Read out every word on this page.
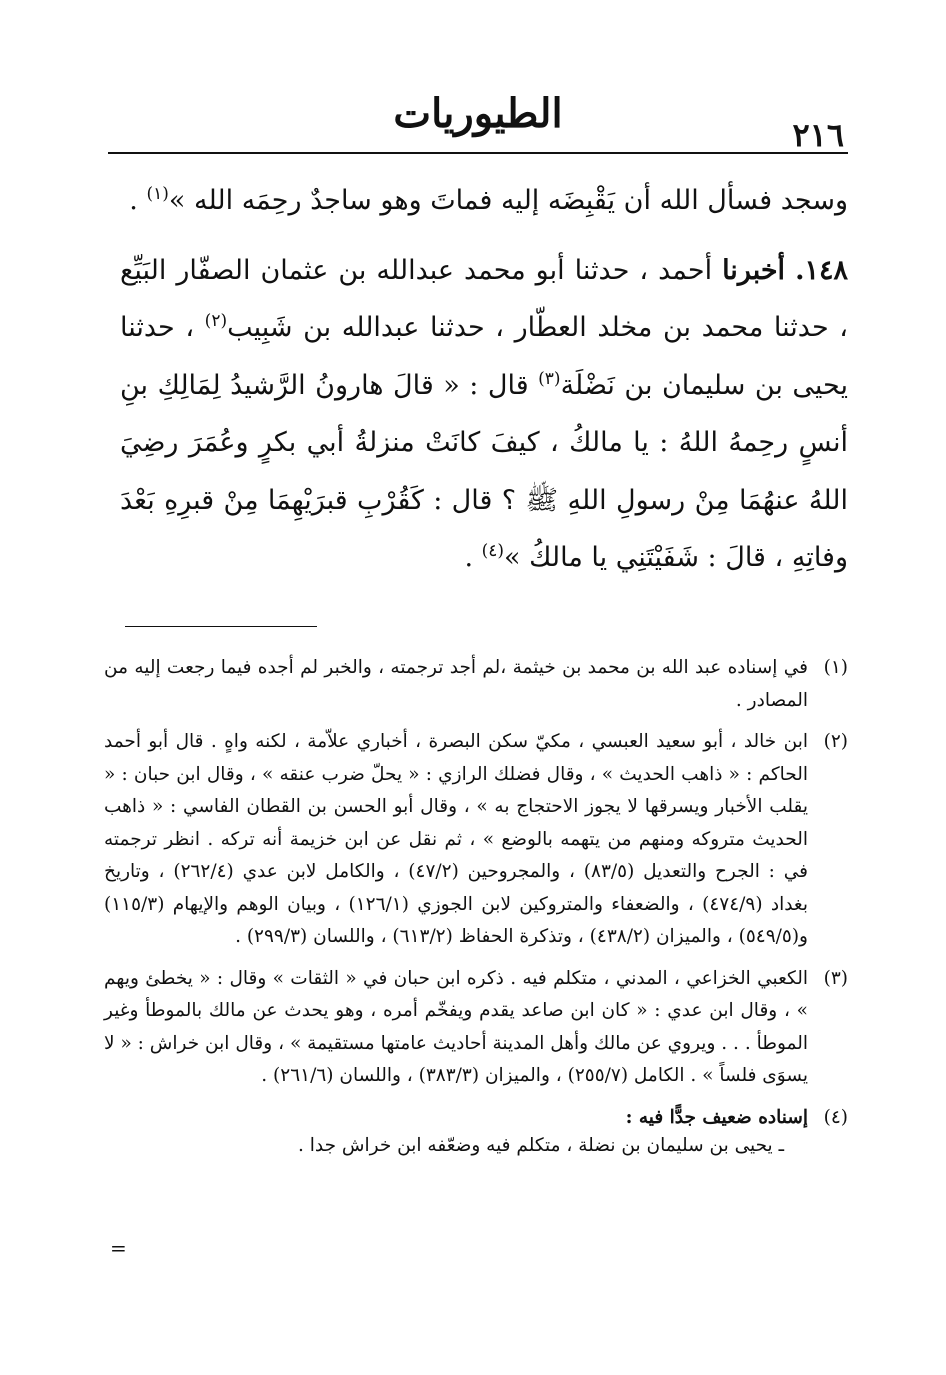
٢١٦
الطيوريات

وسجد فسأل الله أن يَقْبِضَه إليه فماتَ وهو ساجدٌ رحِمَه الله »$^{(١)}$ .

١٤٨. أخبرنا أحمد ، حدثنا أبو محمد عبدالله بن عثمان الصفّار البَيِّع ، حدثنا محمد بن مخلد العطّار ، حدثنا عبدالله بن شَبِيب$^{(٢)}$ ، حدثنا يحيى بن سليمان بن نَضْلَة$^{(٣)}$ قال : « قالَ هارونُ الرَّشيدُ لِمَالِكِ بنِ أنسٍ رحِمهُ اللهُ : يا مالكُ ، كيفَ كانَتْ منزلةُ أبي بكرٍ وعُمَرَ رضِيَ اللهُ عنهُمَا مِنْ رسولِ اللهِ ﷺ ؟ قال : كَقُرْبِ قبرَيْهِمَا مِنْ قبرِهِ بَعْدَ وفاتِهِ ، قالَ : شَفَيْتَنِي يا مالكُ »$^{(٤)}$ .

(١)
في إسناده عبد الله بن محمد بن خيثمة ،لم أجد ترجمته ، والخبر لم أجده فيما رجعت إليه من المصادر .
(٢)
ابن خالد ، أبو سعيد العبسي ، مكيّ سكن البصرة ، أخباري علاّمة ، لكنه واهٍ . قال أبو أحمد الحاكم : « ذاهب الحديث » ، وقال فضلك الرازي : « يحلّ ضرب عنقه » ، وقال ابن حبان : « يقلب الأخبار ويسرقها لا يجوز الاحتجاج به » ، وقال أبو الحسن بن القطان الفاسي : « ذاهب الحديث متروكه ومنهم من يتهمه بالوضع » ، ثم نقل عن ابن خزيمة أنه تركه . انظر ترجمته في : الجرح والتعديل (٨٣/٥) ، والمجروحين (٤٧/٢) ، والكامل لابن عدي (٢٦٢/٤) ، وتاريخ بغداد (٤٧٤/٩) ، والضعفاء والمتروكين لابن الجوزي (١٢٦/١) ، وبيان الوهم والإيهام (١١٥/٣) و(٥٤٩/٥) ، والميزان (٤٣٨/٢) ، وتذكرة الحفاظ (٦١٣/٢) ، واللسان (٢٩٩/٣) .
(٣)
الكعبي الخزاعي ، المدني ، متكلم فيه . ذكره ابن حبان في « الثقات » وقال : « يخطئ ويهم » ، وقال ابن عدي : « كان ابن صاعد يقدم ويفخّم أمره ، وهو يحدث عن مالك بالموطأ وغير الموطأ . . . ويروي عن مالك وأهل المدينة أحاديث عامتها مستقيمة » ، وقال ابن خراش : « لا يسوَى فلساً » . الكامل (٢٥٥/٧) ، والميزان (٣٨٣/٣) ، واللسان (٢٦١/٦) .
(٤)
إسناده ضعيف جدًّا فيه :
ـ يحيى بن سليمان بن نضلة ، متكلم فيه وضعّفه ابن خراش جدا .
=
